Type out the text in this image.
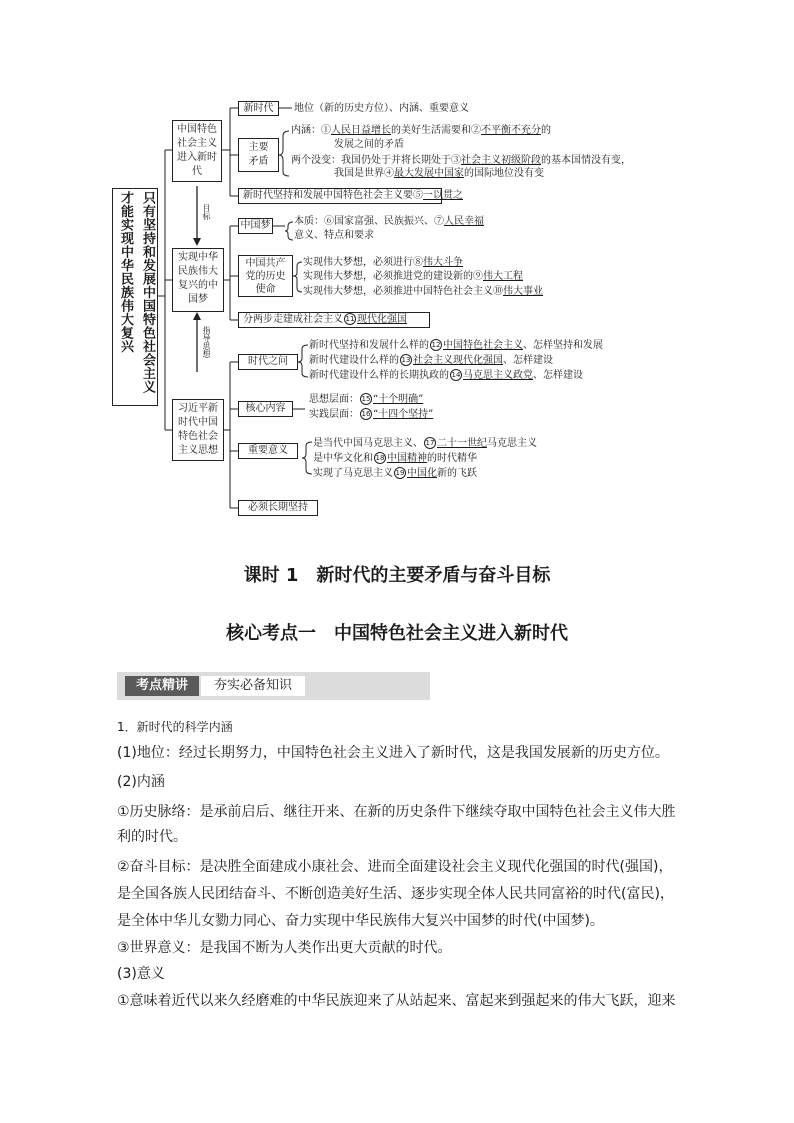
只有坚持和发展中国特色社会主义才能实现中华民族伟大复兴
中国特色社会主义进入新时代
目标
实现中华民族伟大复兴的中国梦
指导思想
习近平新时代中国特色社会主义思想
新时代	地位（新的历史方位）、内涵、重要意义
主要矛盾
内涵：①人民日益增长的美好生活需要和②不平衡不充分的
发展之间的矛盾
两个没变：我国仍处于并将长期处于③社会主义初级阶段的基本国情没有变，
我国是世界④最大发展中国家的国际地位没有变
新时代坚持和发展中国特色社会主义要⑤一以贯之
中国梦 本质：⑥国家富强、民族振兴、⑦人民幸福
意义、特点和要求
中国共产党的历史使命
实现伟大梦想，必须进行⑧伟大斗争
实现伟大梦想，必须推进党的建设新的⑨伟大工程
实现伟大梦想，必须推进中国特色社会主义⑩伟大事业
分两步走建成社会主义 11 现代化强国
时代之问
新时代坚持和发展什么样的 12 中国特色社会主义、怎样坚持和发展
新时代建设什么样的 13 社会主义现代化强国、怎样建设
新时代建设什么样的长期执政的 14 马克思主义政党、怎样建设
核心内容
思想层面： 15 “十个明确”
实践层面： 16 “十四个坚持”
重要意义
是当代中国马克思主义、 17 二十一世纪马克思主义
是中华文化和 18 中国精神的时代精华
实现了马克思主义 19 中国化新的飞跃
必须长期坚持
课时 1　新时代的主要矛盾与奋斗目标
核心考点一　中国特色社会主义进入新时代
考点精讲	夯实必备知识
1．新时代的科学内涵
(1)地位：经过长期努力，中国特色社会主义进入了新时代，这是我国发展新的历史方位。
(2)内涵
①历史脉络：是承前启后、继往开来、在新的历史条件下继续夺取中国特色社会主义伟大胜
利的时代。
②奋斗目标：是决胜全面建成小康社会、进而全面建设社会主义现代化强国的时代(强国)，
是全国各族人民团结奋斗、不断创造美好生活、逐步实现全体人民共同富裕的时代(富民)，
是全体中华儿女勠力同心、奋力实现中华民族伟大复兴中国梦的时代(中国梦)。
③世界意义：是我国不断为人类作出更大贡献的时代。
(3)意义
①意味着近代以来久经磨难的中华民族迎来了从站起来、富起来到强起来的伟大飞跃，迎来
